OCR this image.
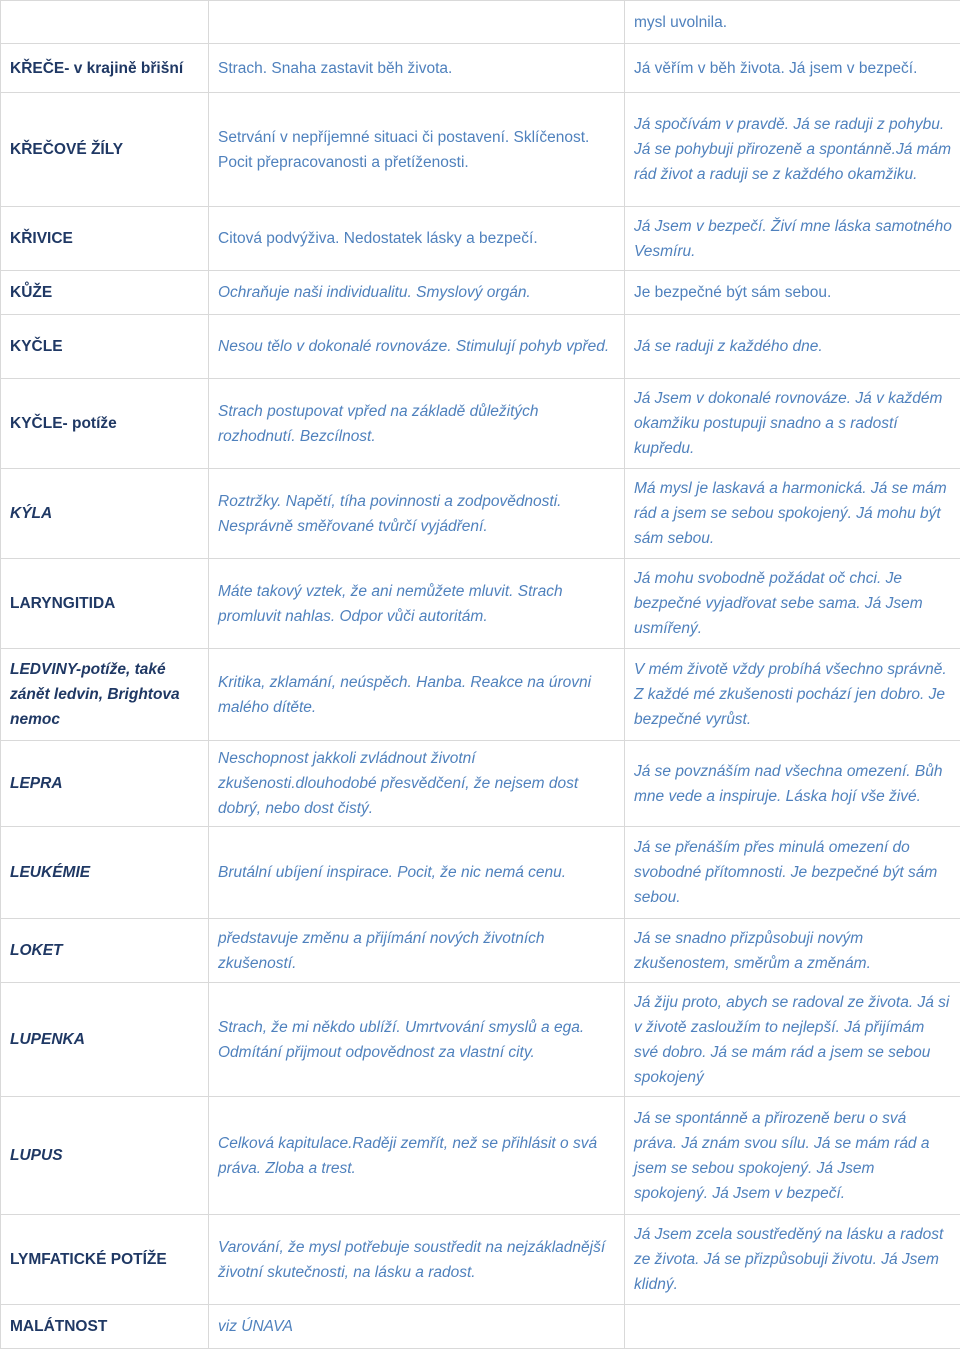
		mysl uvolnila.
KŘEČE- v krajině břišní	Strach. Snaha zastavit běh života.	Já věřím v běh života. Já jsem v bezpečí.
KŘEČOVÉ ŽÍLY	Setrvání v nepříjemné situaci či postavení. Sklíčenost. Pocit přepracovanosti a přetíženosti.	Já spočívám v pravdě. Já se raduji z pohybu. Já se pohybuji přirozeně a spontánně.Já mám rád život a raduji se z každého okamžiku.
KŘIVICE	Citová podvýživa. Nedostatek lásky a bezpečí.	Já Jsem v bezpečí. Živí mne láska samotného Vesmíru.
KŮŽE	Ochraňuje naši individualitu. Smyslový orgán.	Je bezpečné být sám sebou.
KYČLE	Nesou tělo v dokonalé rovnováze. Stimulují pohyb vpřed.	Já se raduji z každého dne.
KYČLE- potíže	Strach postupovat vpřed na základě důležitých rozhodnutí. Bezcílnost.	Já Jsem v dokonalé rovnováze. Já v každém okamžiku postupuji snadno a s radostí kupředu.
KÝLA	Roztržky. Napětí, tíha povinnosti a zodpovědnosti. Nesprávně směřované tvůrčí vyjádření.	Má mysl je laskavá a harmonická. Já se mám rád a jsem se sebou spokojený. Já mohu být sám sebou.
LARYNGITIDA	Máte takový vztek, že ani nemůžete mluvit. Strach promluvit nahlas. Odpor vůči autoritám.	Já mohu svobodně požádat oč chci. Je bezpečné vyjadřovat sebe sama. Já Jsem usmířený.
LEDVINY-potíže, také zánět ledvin, Brightova nemoc	Kritika, zklamání, neúspěch. Hanba. Reakce na úrovni malého dítěte.	V mém životě vždy probíhá všechno správně. Z každé mé zkušenosti pochází jen dobro. Je bezpečné vyrůst.
LEPRA	Neschopnost jakkoli zvládnout životní zkušenosti.dlouhodobé přesvědčení, že nejsem dost dobrý, nebo dost čistý.	Já se povznáším nad všechna omezení. Bůh mne vede a inspiruje. Láska hojí vše živé.
LEUKÉMIE	Brutální ubíjení inspirace. Pocit, že nic nemá cenu.	Já se přenáším přes minulá omezení do svobodné přítomnosti. Je bezpečné být sám sebou.
LOKET	představuje změnu a přijímání nových životních zkušeností.	Já se snadno přizpůsobuji novým zkušenostem, směrům a změnám.
LUPENKA	Strach, že mi někdo ublíží. Umrtvování smyslů a ega. Odmítání přijmout odpovědnost za vlastní city.	Já žiju proto, abych se radoval ze života. Já si v životě zasloužím to nejlepší. Já přijímám své dobro. Já se mám rád a jsem se sebou spokojený
LUPUS	Celková kapitulace.Raději zemřít, než se přihlásit o svá práva. Zloba a trest.	Já se spontánně a přirozeně beru o svá práva. Já znám svou sílu. Já se mám rád a jsem se sebou spokojený. Já Jsem spokojený. Já Jsem v bezpečí.
LYMFATICKÉ POTÍŽE	Varování, že mysl potřebuje soustředit na nejzákladnější životní skutečnosti, na lásku a radost.	Já Jsem zcela soustředěný na lásku a radost ze života. Já se přizpůsobuji životu. Já Jsem klidný.
MALÁTNOST	viz ÚNAVA	
